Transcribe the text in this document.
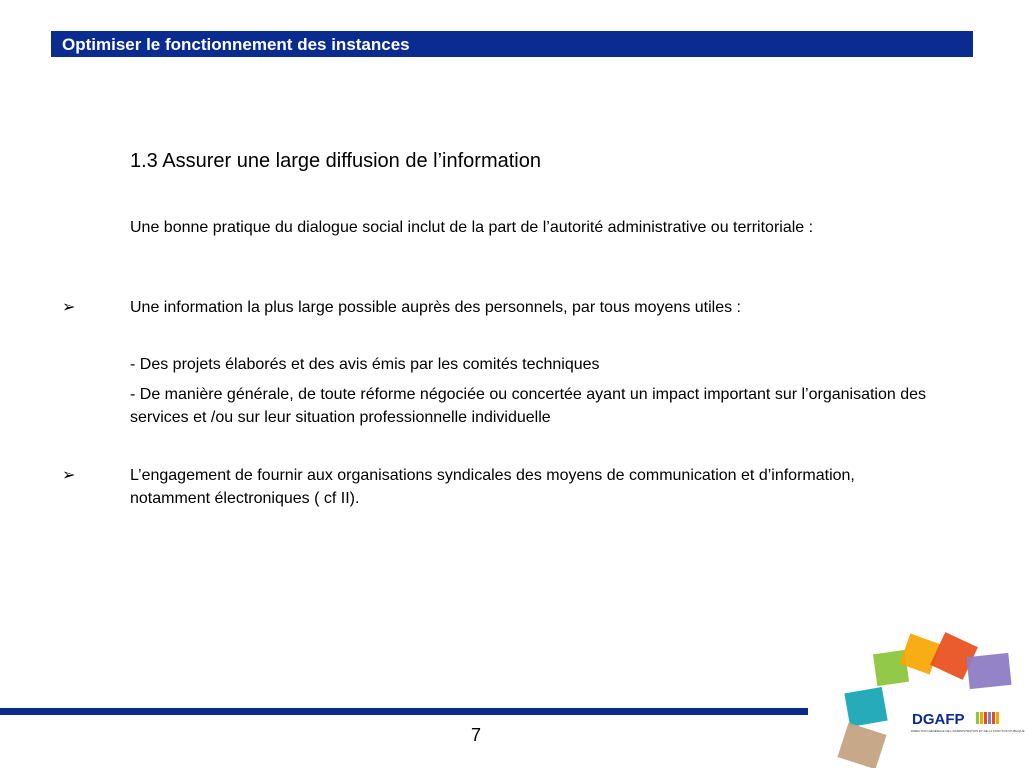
Optimiser le fonctionnement des instances
1.3 Assurer une large diffusion de l’information
Une bonne pratique du dialogue social inclut de la part de l’autorité administrative ou territoriale :
➢	Une information la plus large possible auprès des personnels, par tous moyens utiles :
- Des projets élaborés et des avis émis par les comités techniques
- De manière générale, de toute réforme négociée ou concertée ayant un impact important sur l’organisation des services et /ou sur leur situation professionnelle individuelle
➢	L’engagement de fournir aux organisations syndicales des moyens de communication et d’information, notamment électroniques ( cf II).
7
DGAFP
DIRECTION GÉNÉRALE DE L’ADMINISTRATION ET DE LA FONCTION PUBLIQUE
